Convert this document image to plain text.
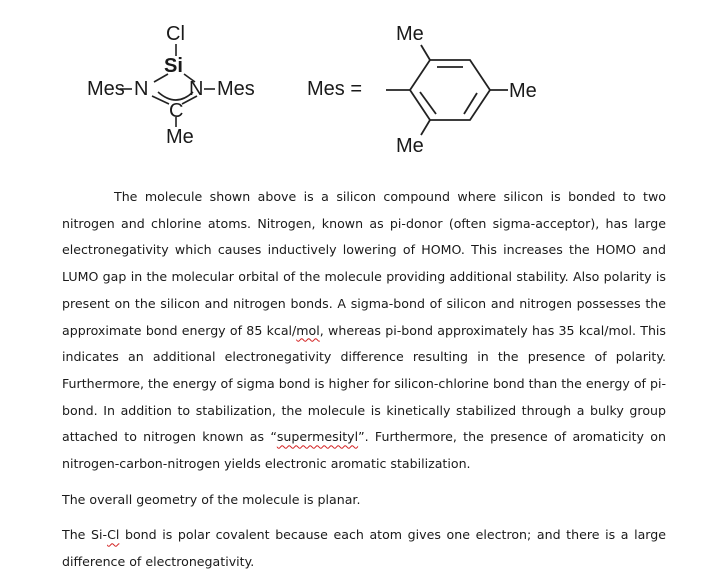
Cl
Si
Mes N N Mes
C
Me
Mes =
Me
Me
Me

The molecule shown above is a silicon compound where silicon is bonded to two nitrogen and chlorine atoms. Nitrogen, known as pi-donor (often sigma-acceptor), has large electronegativity which causes inductively lowering of HOMO. This increases the HOMO and LUMO gap in the molecular orbital of the molecule providing additional stability. Also polarity is present on the silicon and nitrogen bonds. A sigma-bond of silicon and nitrogen possesses the approximate bond energy of 85 kcal/mol, whereas pi-bond approximately has 35 kcal/mol. This indicates an additional electronegativity difference resulting in the presence of polarity. Furthermore, the energy of sigma bond is higher for silicon-chlorine bond than the energy of pi-bond. In addition to stabilization, the molecule is kinetically stabilized through a bulky group attached to nitrogen known as “supermesityl”. Furthermore, the presence of aromaticity on nitrogen-carbon-nitrogen yields electronic aromatic stabilization.

The overall geometry of the molecule is planar.

The Si-Cl bond is polar covalent because each atom gives one electron; and there is a large difference of electronegativity.
